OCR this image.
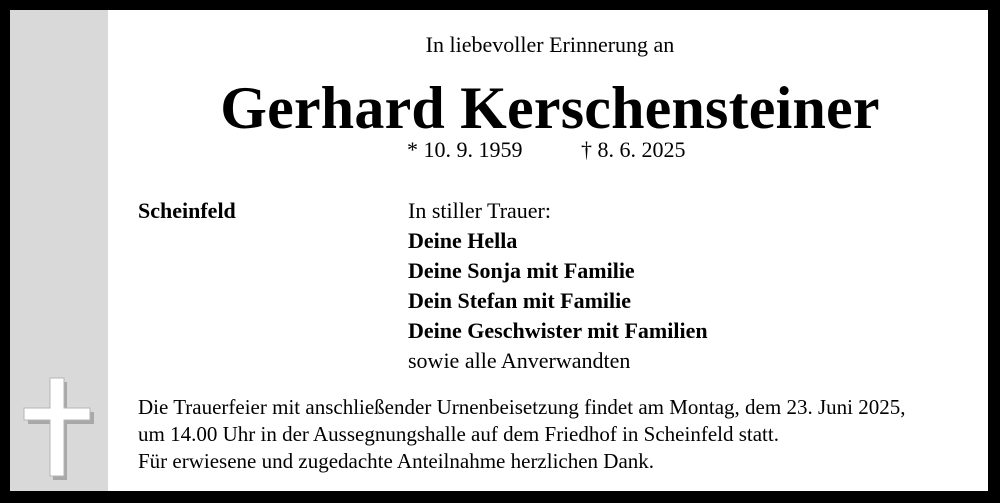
In liebevoller Erinnerung an

Gerhard Kerschensteiner

* 10. 9. 1959	† 8. 6. 2025

Scheinfeld	In stiller Trauer:

Deine Hella

Deine Sonja mit Familie

Dein Stefan mit Familie

Deine Geschwister mit Familien

sowie alle Anverwandten

Die Trauerfeier mit anschließender Urnenbeisetzung findet am Montag, dem 23. Juni 2025,

um 14.00 Uhr in der Aussegnungshalle auf dem Friedhof in Scheinfeld statt.

Für erwiesene und zugedachte Anteilnahme herzlichen Dank.
